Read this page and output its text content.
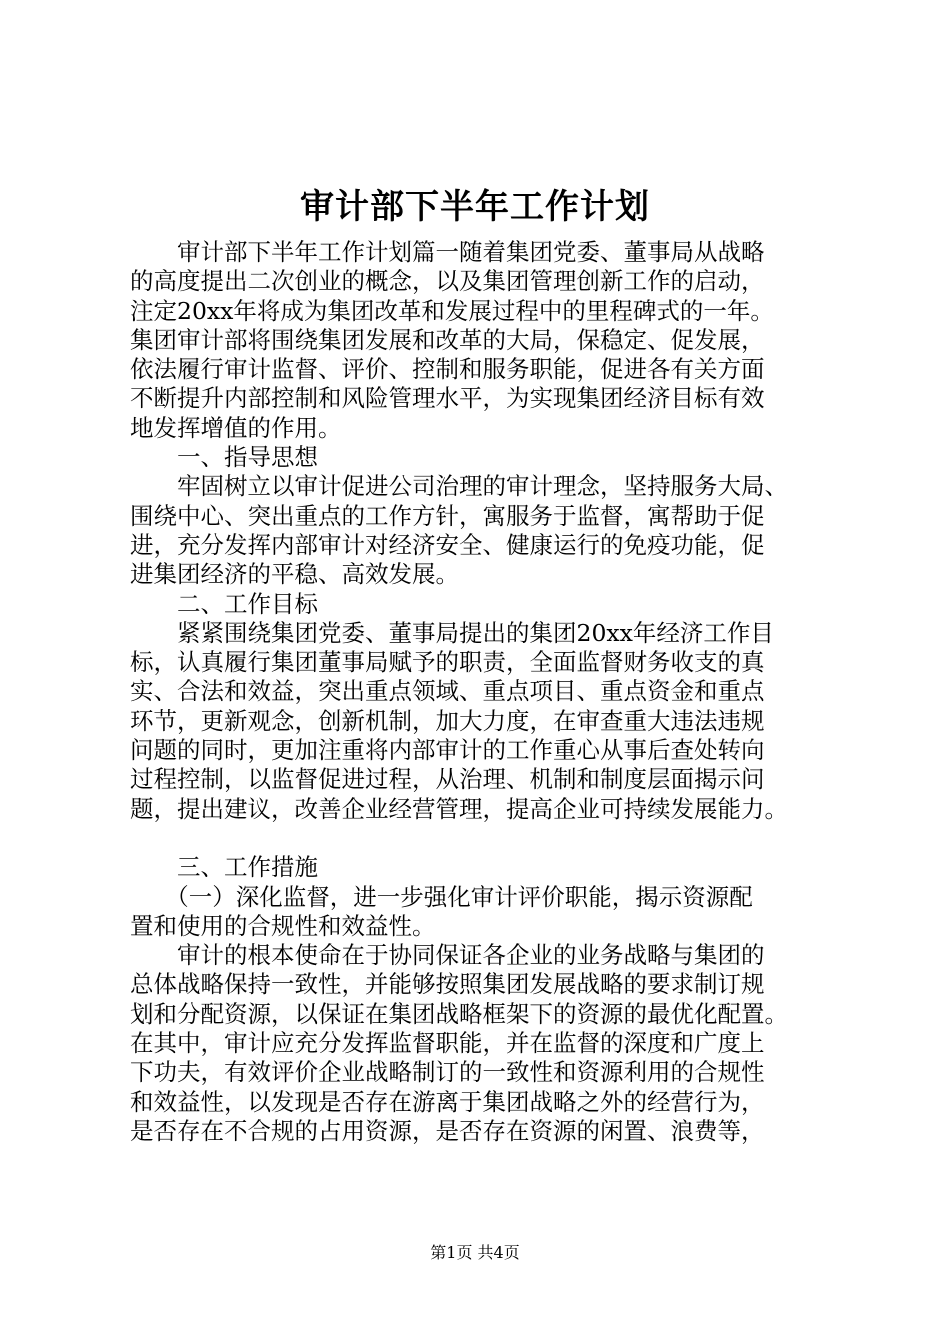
审计部下半年工作计划

　　审计部下半年工作计划篇一随着集团党委、董事局从战略

的高度提出二次创业的概念，以及集团管理创新工作的启动，

注定20xx年将成为集团改革和发展过程中的里程碑式的一年。

集团审计部将围绕集团发展和改革的大局，保稳定、促发展，

依法履行审计监督、评价、控制和服务职能，促进各有关方面

不断提升内部控制和风险管理水平，为实现集团经济目标有效

地发挥增值的作用。

　　一、指导思想

　　牢固树立以审计促进公司治理的审计理念，坚持服务大局、

围绕中心、突出重点的工作方针，寓服务于监督，寓帮助于促

进，充分发挥内部审计对经济安全、健康运行的免疫功能，促

进集团经济的平稳、高效发展。

　　二、工作目标

　　紧紧围绕集团党委、董事局提出的集团20xx年经济工作目

标，认真履行集团董事局赋予的职责，全面监督财务收支的真

实、合法和效益，突出重点领域、重点项目、重点资金和重点

环节，更新观念，创新机制，加大力度，在审查重大违法违规

问题的同时，更加注重将内部审计的工作重心从事后查处转向

过程控制，以监督促进过程，从治理、机制和制度层面揭示问

题，提出建议，改善企业经营管理，提高企业可持续发展能力。

　　三、工作措施

　　（一）深化监督，进一步强化审计评价职能，揭示资源配

置和使用的合规性和效益性。

　　审计的根本使命在于协同保证各企业的业务战略与集团的

总体战略保持一致性，并能够按照集团发展战略的要求制订规

划和分配资源，以保证在集团战略框架下的资源的最优化配置。

在其中，审计应充分发挥监督职能，并在监督的深度和广度上

下功夫，有效评价企业战略制订的一致性和资源利用的合规性

和效益性，以发现是否存在游离于集团战略之外的经营行为，

是否存在不合规的占用资源，是否存在资源的闲置、浪费等，

第1页 共4页
